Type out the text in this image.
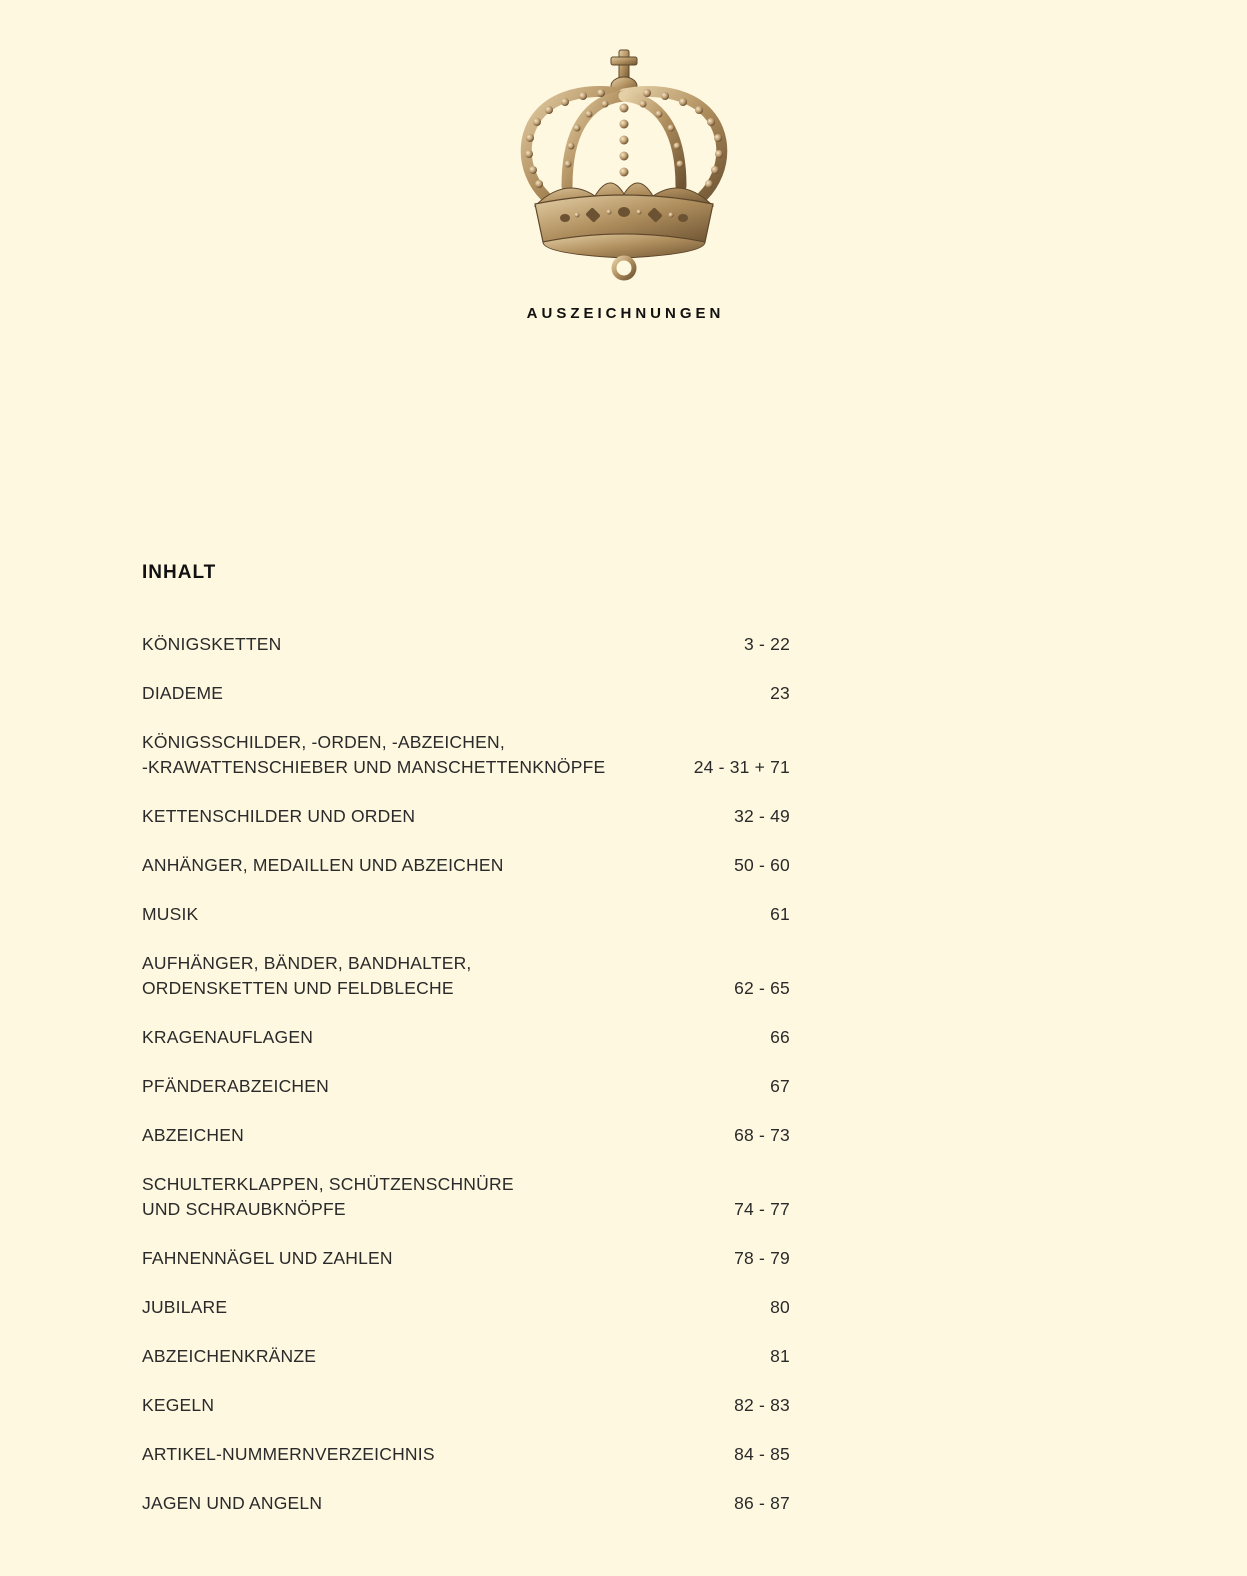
AUSZEICHNUNGEN
INHALT
KÖNIGSKETTEN	3 - 22
DIADEME	23
KÖNIGSSCHILDER, -ORDEN, -ABZEICHEN,
-KRAWATTENSCHIEBER UND MANSCHETTENKNÖPFE	24 - 31 + 71
KETTENSCHILDER UND ORDEN	32 - 49
ANHÄNGER, MEDAILLEN UND ABZEICHEN	50 - 60
MUSIK	61
AUFHÄNGER, BÄNDER, BANDHALTER,
ORDENSKETTEN UND FELDBLECHE	62 - 65
KRAGENAUFLAGEN	66
PFÄNDERABZEICHEN	67
ABZEICHEN	68 - 73
SCHULTERKLAPPEN, SCHÜTZENSCHNÜRE
UND SCHRAUBKNÖPFE	74 - 77
FAHNENNÄGEL UND ZAHLEN	78 - 79
JUBILARE	80
ABZEICHENKRÄNZE	81
KEGELN	82 - 83
ARTIKEL-NUMMERNVERZEICHNIS	84 - 85
JAGEN UND ANGELN	86 - 87
